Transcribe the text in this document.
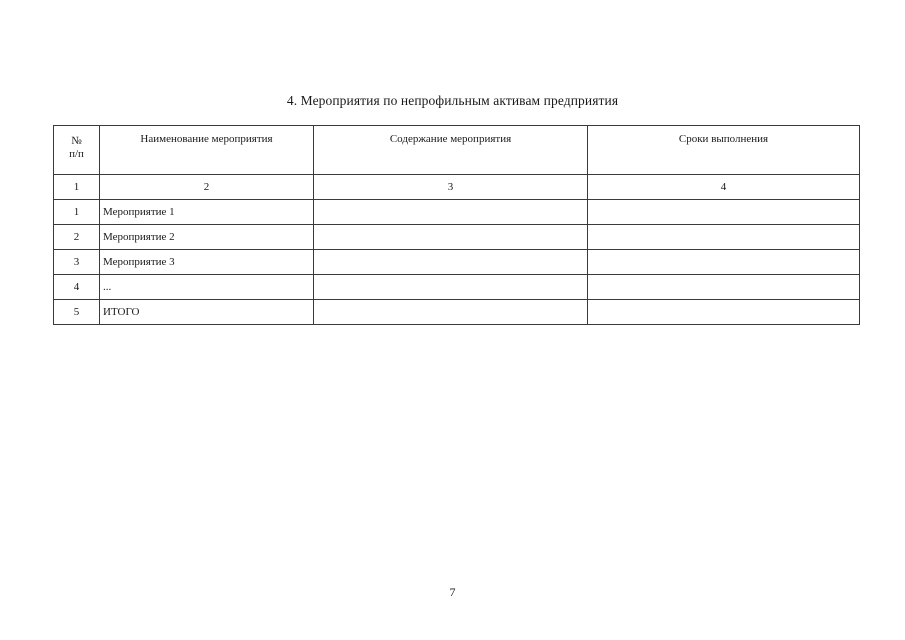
4. Мероприятия по непрофильным активам предприятия
№
п/п	Наименование мероприятия	Содержание мероприятия	Сроки выполнения
1	2	3	4
1	Мероприятие 1		
2	Мероприятие 2		
3	Мероприятие 3		
4	...		
5	ИТОГО		
7
